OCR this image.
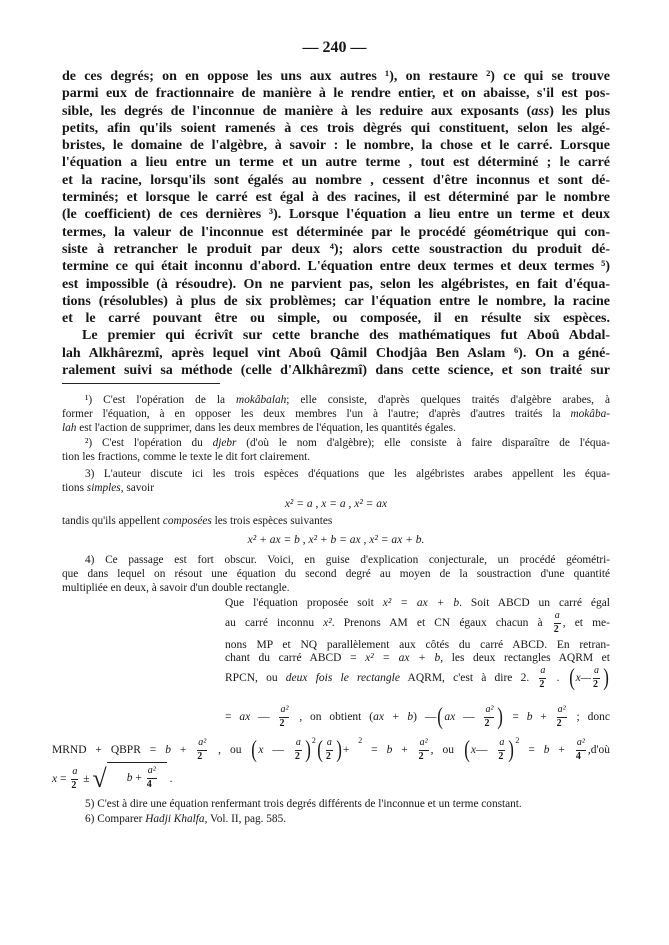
— 240 —
de ces degrés; on en oppose les uns aux autres ¹), on restaure ²) ce qui se trouve
parmi eux de fractionnaire de manière à le rendre entier, et on abaisse, s'il est pos-
sible, les degrés de l'inconnue de manière à les reduire aux exposants (ass) les plus
petits, afin qu'ils soient ramenés à ces trois dègrés qui constituent, selon les algé-
bristes, le domaine de l'algèbre, à savoir : le nombre, la chose et le carré. Lorsque
l'équation a lieu entre un terme et un autre terme , tout est déterminé ; le carré
et la racine, lorsqu'ils sont égalés au nombre , cessent d'être inconnus et sont dé-
terminés; et lorsque le carré est égal à des racines, il est déterminé par le nombre
(le coefficient) de ces dernières ³). Lorsque l'équation a lieu entre un terme et deux
termes, la valeur de l'inconnue est déterminée par le procédé géométrique qui con-
siste à retrancher le produit par deux ⁴); alors cette soustraction du produit dé-
termine ce qui était inconnu d'abord. L'équation entre deux termes et deux termes ⁵)
est impossible (à résoudre). On ne parvient pas, selon les algébristes, en fait d'équa-
tions (résolubles) à plus de six problèmes; car l'équation entre le nombre, la racine
et le carré pouvant être ou simple, ou composée, il en résulte six espèces.
Le premier qui écrivît sur cette branche des mathématiques fut Aboû Abdal-
lah Alkhârezmî, après lequel vint Aboû Qâmil Chodjâa Ben Aslam ⁶). On a géné-
ralement suivi sa méthode (celle d'Alkhârezmî) dans cette science, et son traité sur
¹) C'est l'opération de la mokâbalah; elle consiste, d'après quelques traités d'algèbre arabes, à
former l'équation, à en opposer les deux membres l'un à l'autre; d'après d'autres traités la mokâba-
lah est l'action de supprimer, dans les deux membres de l'équation, les quantités égales.
²) C'est l'opération du djebr (d'où le nom d'algèbre); elle consiste à faire disparaître de l'équa-
tion les fractions, comme le texte le dit fort clairement.
3) L'auteur discute ici les trois espèces d'équations que les algébristes arabes appellent les équa-
tions simples, savoir
x² = a , x = a , x² = ax
tandis qu'ils appellent composées les trois espèces suivantes
x² + ax = b , x² + b = ax , x² = ax + b.
4) Ce passage est fort obscur. Voici, en guise d'explication conjecturale, un procédé géométri-
que dans lequel on résout une équation du second degré au moyen de la soustraction d'une quantité
multipliée en deux, à savoir d'un double rectangle.
Que l'équation proposée soit x² = ax + b. Soit ABCD un carré égal
au carré inconnu x². Prenons AM et CN égaux chacun à $\frac{a}{2}$ , et me-
nons MP et NQ parallèlement aux côtés du carré ABCD. En retran-
chant du carré ABCD = x² = ax + b, les deux rectangles AQRM et
RPCN, ou deux fois le rectangle AQRM, c'est à dire 2. $\frac{a}{2}$ . (x— $\frac{a}{2}$ )
= ax — $\frac{\text{a²}}{2}$ , on obtient (ax + b) —(ax — $\frac{\text{a²}}{2}$ ) = $b + \frac{\text{a²}}{2}$ ; donc
MRND + QBPR = $b + \frac{\text{a²}}{2}$ , ou (x — $\frac{a}{2} )^2( \frac{a}{2}$ )+ $^2 = b + \frac{\text{a²}}{2}$ , ou (x— $\frac{a}{2} )^2 = b + \frac{\text{a²}}{4}$ ,d'où
$x = \frac{a}{2}$ ± √	$b + \frac{\text{a²}}{4}$ .
5) C'est à dire une équation renfermant trois degrés différents de l'inconnue et un terme constant.
6) Comparer Hadji Khalfa, Vol. II, pag. 585.
